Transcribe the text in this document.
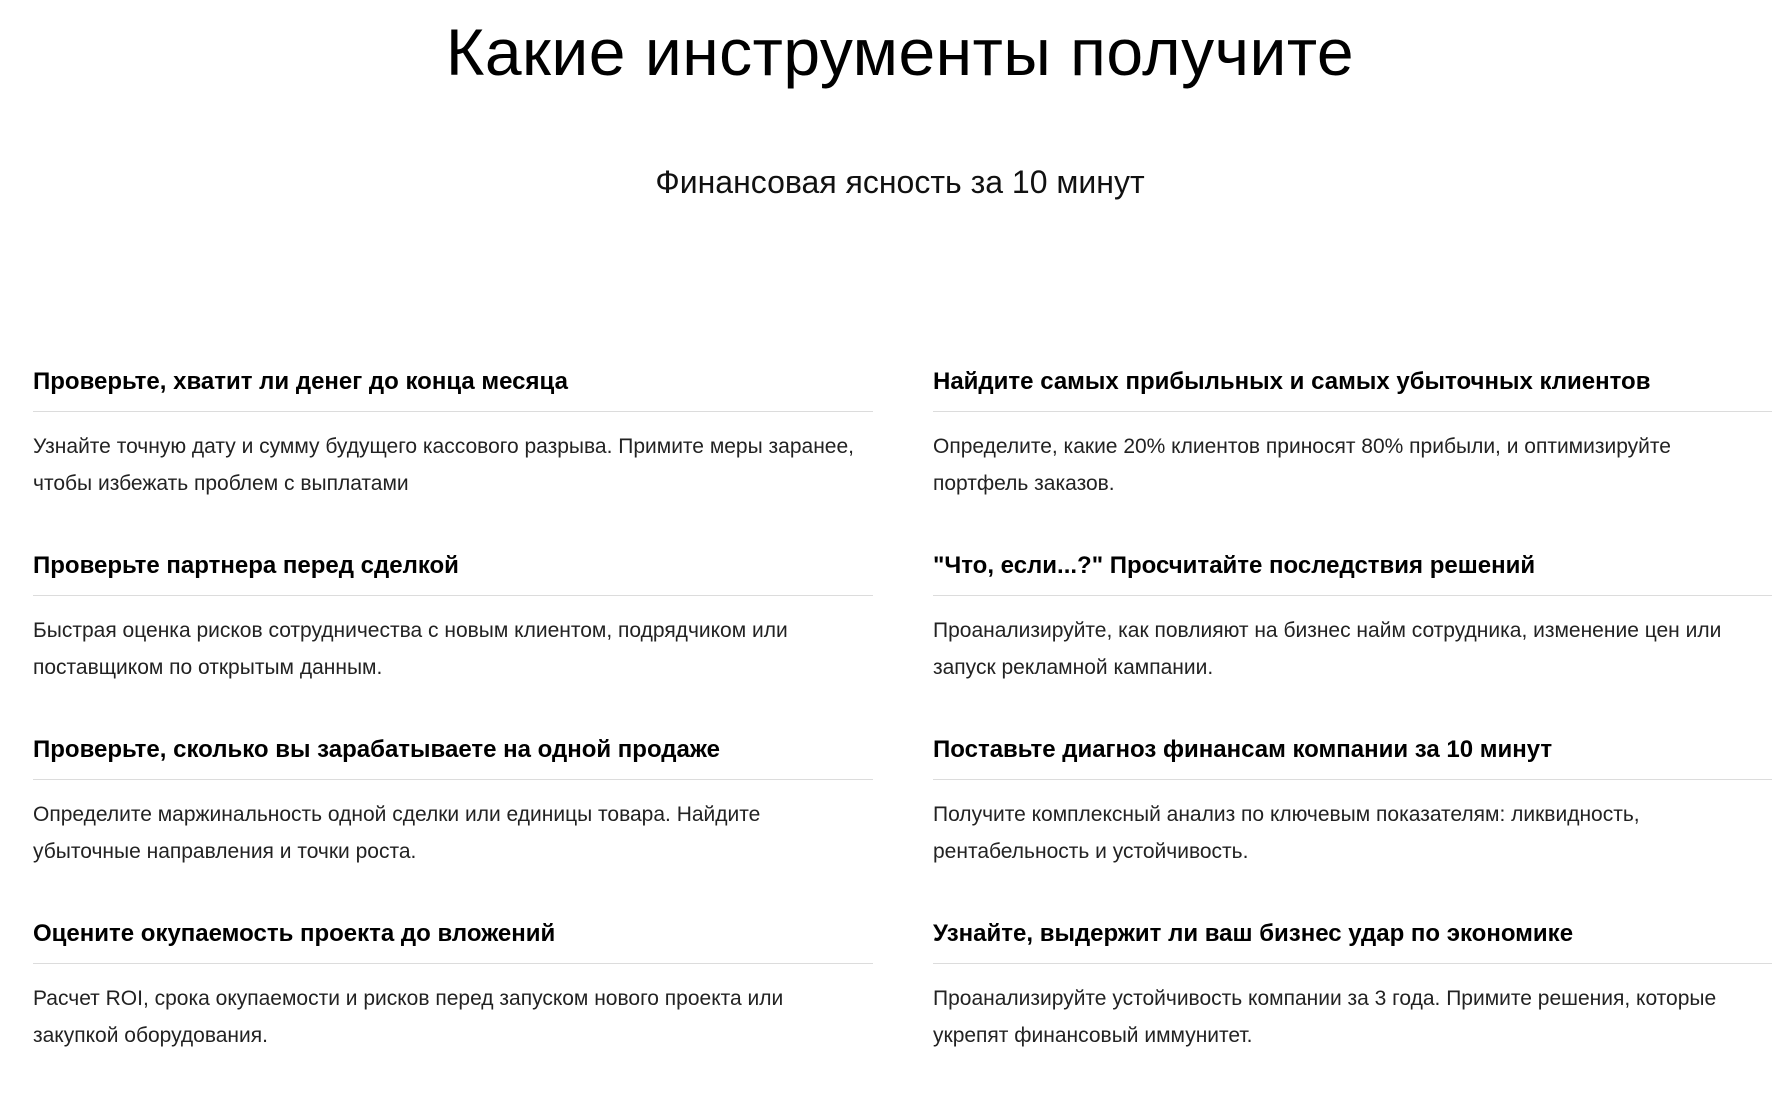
Какие инструменты получите

Финансовая ясность за 10 минут

Проверьте, хватит ли денег до конца месяца
Узнайте точную дату и сумму будущего кассового разрыва. Примите меры заранее, чтобы избежать проблем с выплатами
Найдите самых прибыльных и самых убыточных клиентов
Определите, какие 20% клиентов приносят 80% прибыли, и оптимизируйте портфель заказов.
Проверьте партнера перед сделкой
Быстрая оценка рисков сотрудничества с новым клиентом, подрядчиком или поставщиком по открытым данным.
"Что, если...?" Просчитайте последствия решений
Проанализируйте, как повлияют на бизнес найм сотрудника, изменение цен или запуск рекламной кампании.
Проверьте, сколько вы зарабатываете на одной продаже
Определите маржинальность одной сделки или единицы товара. Найдите убыточные направления и точки роста.
Поставьте диагноз финансам компании за 10 минут
Получите комплексный анализ по ключевым показателям: ликвидность, рентабельность и устойчивость.
Оцените окупаемость проекта до вложений
Расчет ROI, срока окупаемости и рисков перед запуском нового проекта или закупкой оборудования.
Узнайте, выдержит ли ваш бизнес удар по экономике
Проанализируйте устойчивость компании за 3 года. Примите решения, которые укрепят финансовый иммунитет.
